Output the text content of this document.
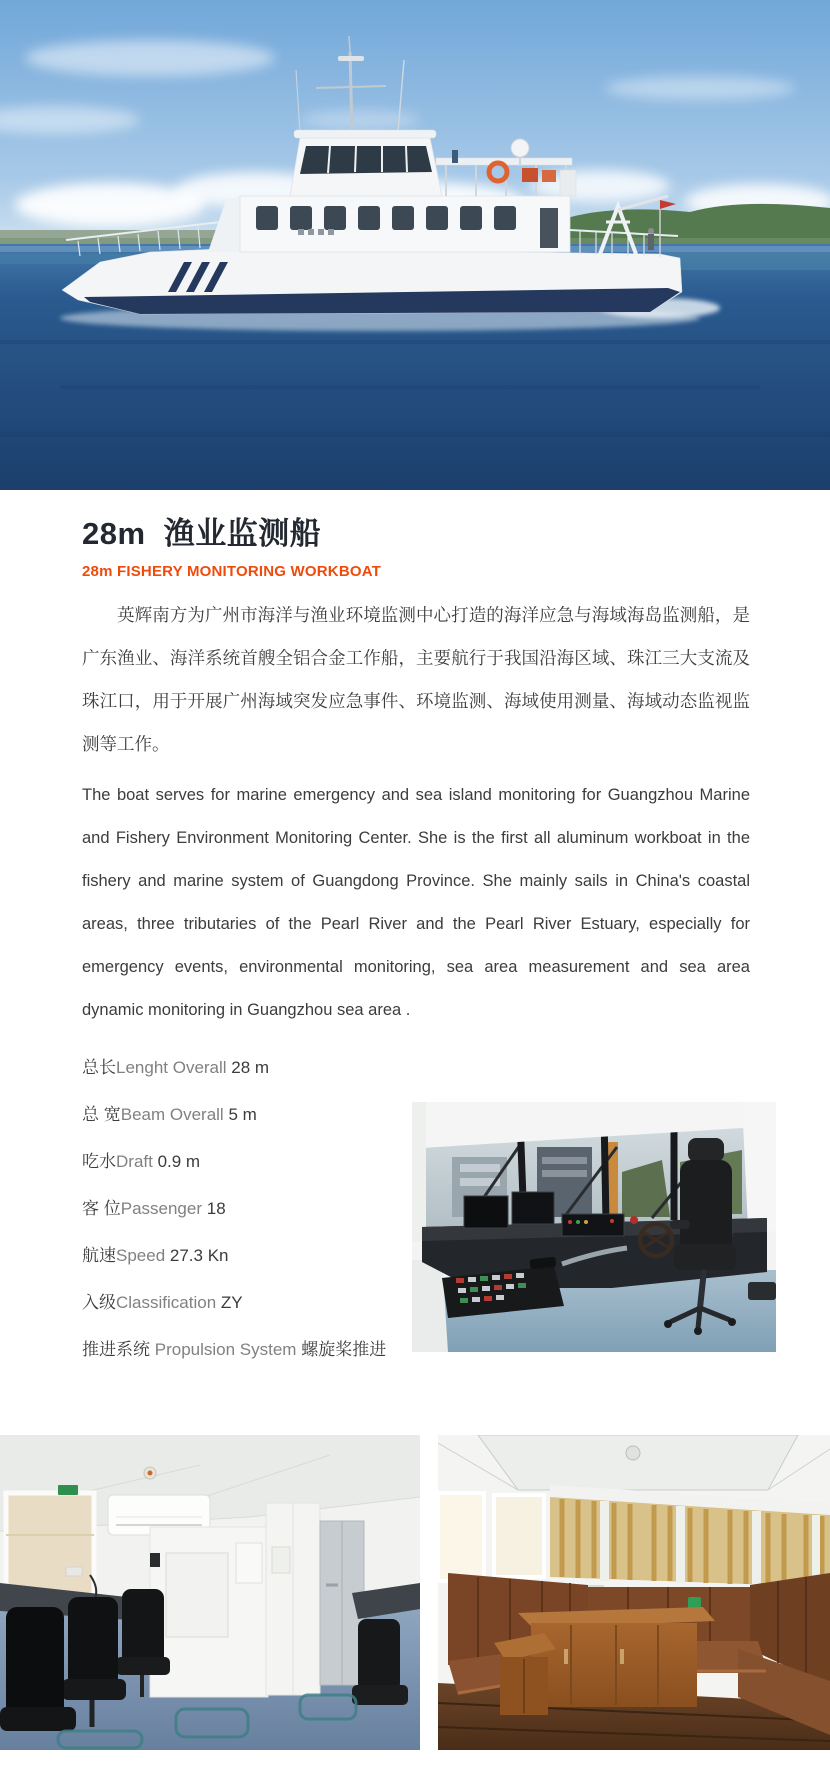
28m  渔业监测船
28m FISHERY MONITORING WORKBOAT

英辉南方为广州市海洋与渔业环境监测中心打造的海洋应急与海域海岛监测船，是广东渔业、海洋系统首艘全铝合金工作船，主要航行于我国沿海区域、珠江三大支流及珠江口，用于开展广州海域突发应急事件、环境监测、海域使用测量、海域动态监视监测等工作。

The boat serves for marine emergency and sea island monitoring for Guangzhou Marine and Fishery Environment Monitoring Center. She is the first all aluminum workboat in the fishery and marine system of Guangdong Province. She mainly sails in China's coastal areas, three tributaries of the Pearl River and the Pearl River Estuary, especially for emergency events, environmental monitoring, sea area measurement and sea area dynamic monitoring in Guangzhou sea area .

总长Lenght Overall 28 m
总 宽Beam Overall 5 m
吃水Draft 0.9 m
客 位Passenger 18
航速Speed 27.3 Kn
入级Classification ZY
推进系统 Propulsion System 螺旋桨推进
